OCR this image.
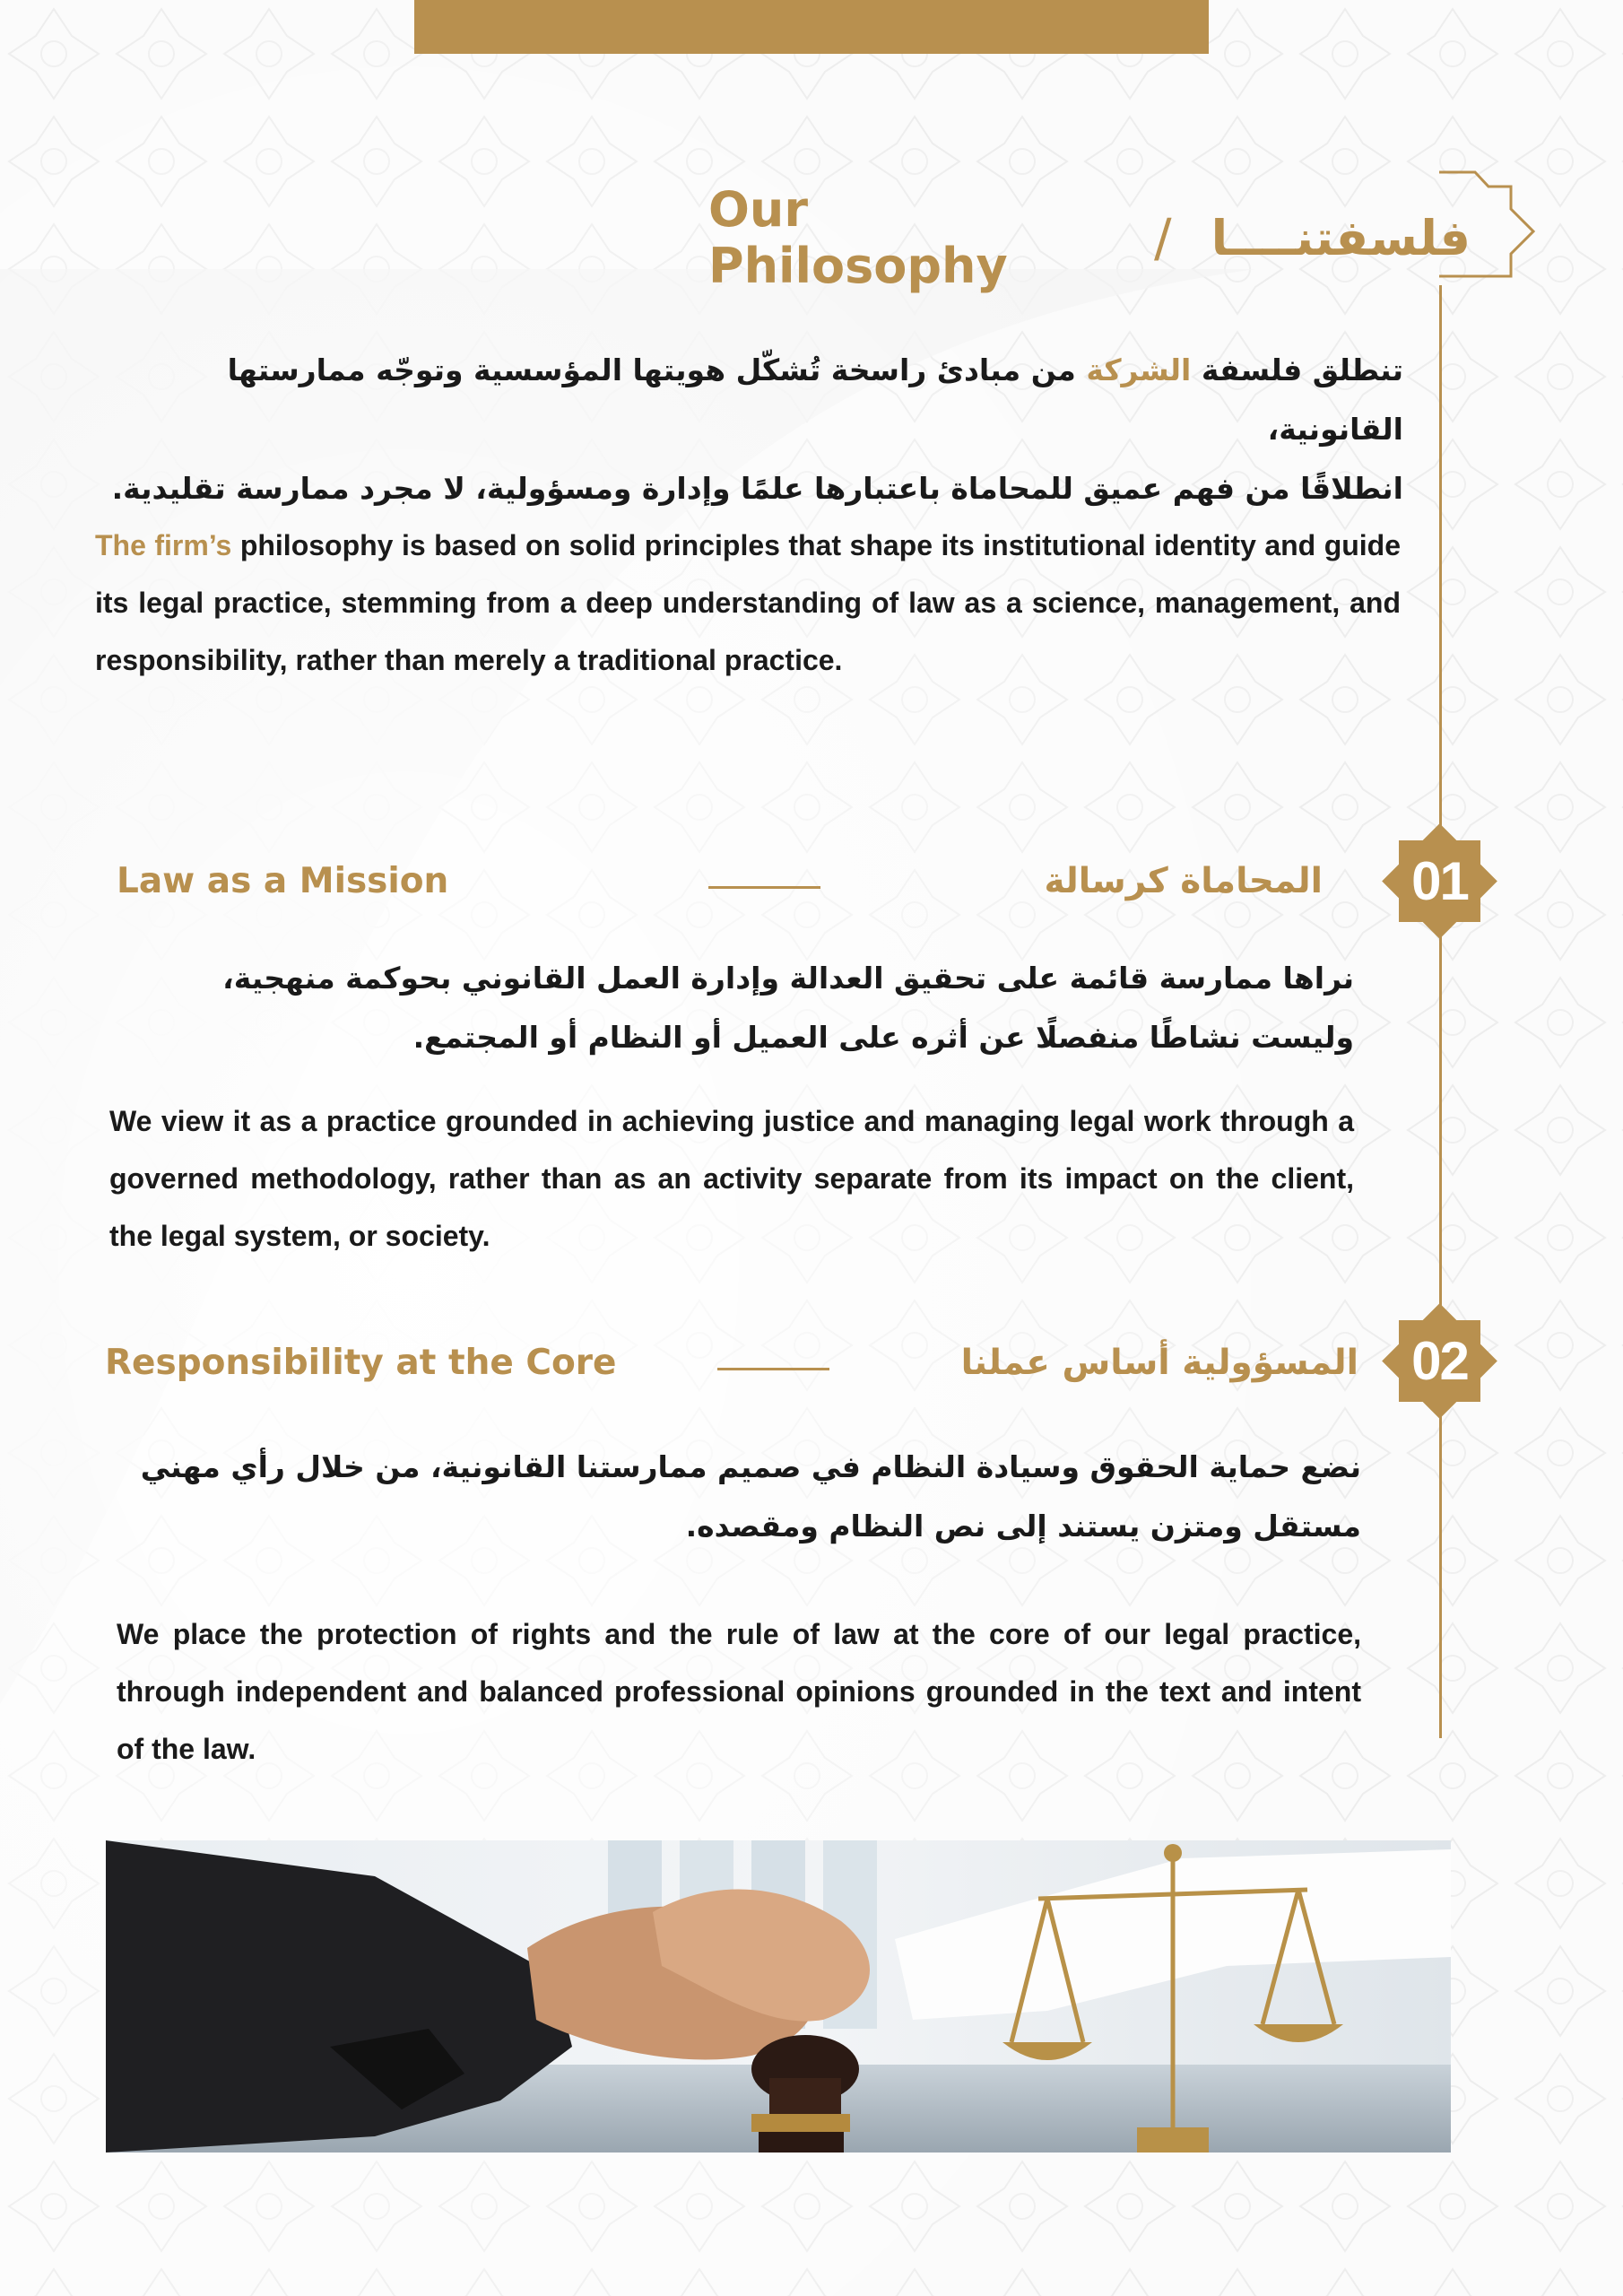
Our Philosophy	/ فلسفتنــــا
تنطلق فلسفة الشركة من مبادئ راسخة تُشكّل هويتها المؤسسية وتوجّه ممارستها القانونية،
انطلاقًا من فهم عميق للمحاماة باعتبارها علمًا وإدارة ومسؤولية، لا مجرد ممارسة تقليدية.
The firm’s philosophy is based on solid principles that shape its institutional identity and guide its legal practice, stemming from a deep understanding of law as a science, management, and responsibility, rather than merely a traditional practice.
Law as a Mission	المحاماة كرسالة	01
نراها ممارسة قائمة على تحقيق العدالة وإدارة العمل القانوني بحوكمة منهجية، وليست نشاطًا منفصلًا عن أثره على العميل أو النظام أو المجتمع.
We view it as a practice grounded in achieving justice and managing legal work through a governed methodology, rather than as an activity separate from its impact on the client, the legal system, or society.
Responsibility at the Core	المسؤولية أساس عملنا 02
نضع حماية الحقوق وسيادة النظام في صميم ممارستنا القانونية، من خلال رأي مهني مستقل ومتزن يستند إلى نص النظام ومقصده.
We place the protection of rights and the rule of law at the core of our legal practice, through independent and balanced professional opinions grounded in the text and intent of the law.
